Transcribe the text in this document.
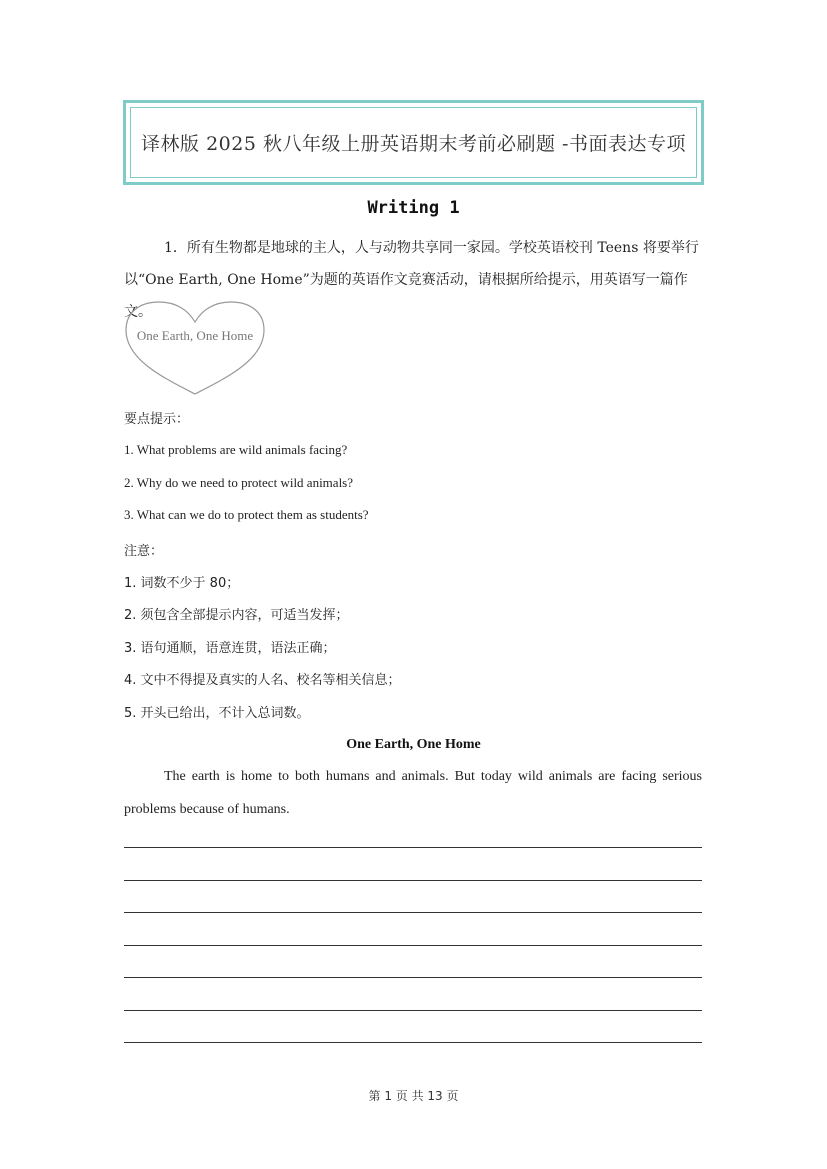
译林版 2025 秋八年级上册英语期末考前必刷题 -书面表达专项
Writing 1
1．所有生物都是地球的主人，人与动物共享同一家园。学校英语校刊 Teens 将要举行以“One Earth, One Home”为题的英语作文竞赛活动，请根据所给提示，用英语写一篇作文。
One Earth, One Home
要点提示：
1. What problems are wild animals facing?
2. Why do we need to protect wild animals?
3. What can we do to protect them as students?
注意：
1. 词数不少于 80；
2. 须包含全部提示内容，可适当发挥；
3. 语句通顺，语意连贯，语法正确；
4. 文中不得提及真实的人名、校名等相关信息；
5. 开头已给出，不计入总词数。
One Earth, One Home
The earth is home to both humans and animals. But today wild animals are facing serious problems because of humans.
第 1 页 共 13 页
